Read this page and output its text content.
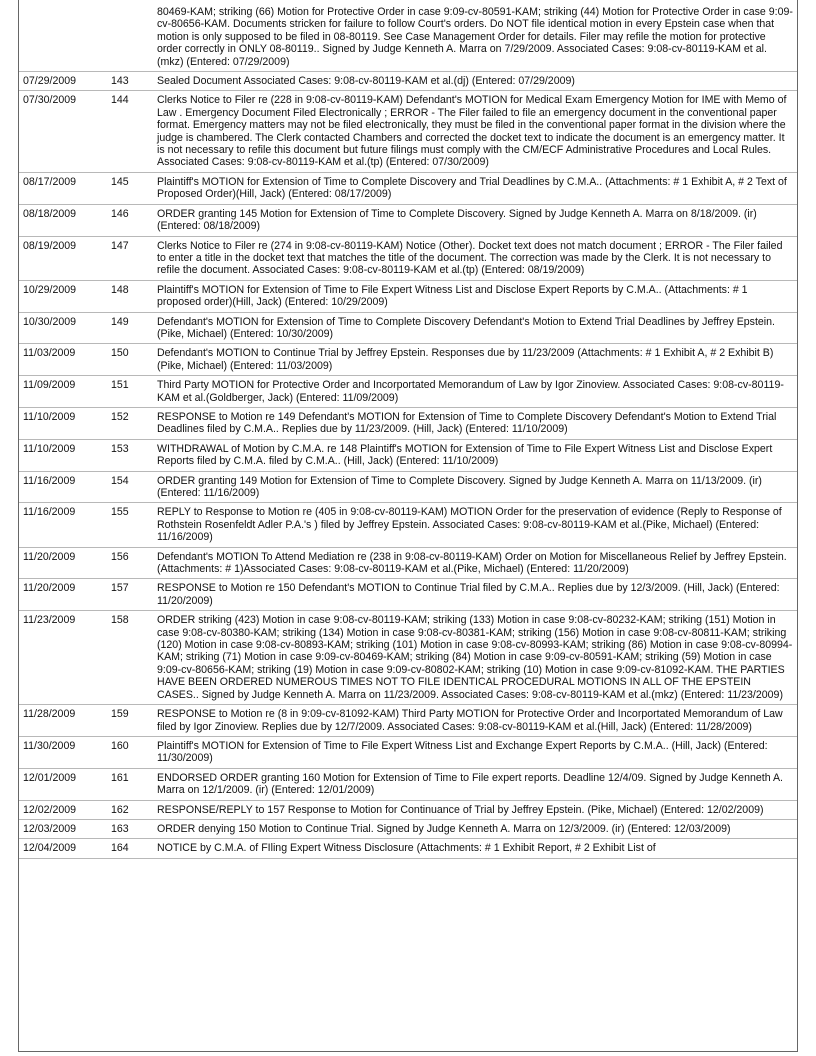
		80469-KAM; striking (66) Motion for Protective Order in case 9:09-cv-80591-KAM; striking (44) Motion for Protective Order in case 9:09-cv-80656-KAM. Documents stricken for failure to follow Court's orders. Do NOT file identical motion in every Epstein case when that motion is only supposed to be filed in 08-80119. See Case Management Order for details. Filer may refile the motion for protective order correctly in ONLY 08-80119.. Signed by Judge Kenneth A. Marra on 7/29/2009. Associated Cases: 9:08-cv-80119-KAM et al.(mkz) (Entered: 07/29/2009)
07/29/2009	143	Sealed Document Associated Cases: 9:08-cv-80119-KAM et al.(dj) (Entered: 07/29/2009)
07/30/2009	144	Clerks Notice to Filer re (228 in 9:08-cv-80119-KAM) Defendant's MOTION for Medical Exam Emergency Motion for IME with Memo of Law . Emergency Document Filed Electronically ; ERROR - The Filer failed to file an emergency document in the conventional paper format. Emergency matters may not be filed electronically, they must be filed in the conventional paper format in the division where the judge is chambered. The Clerk contacted Chambers and corrected the docket text to indicate the document is an emergency matter. It is not necessary to refile this document but future filings must comply with the CM/ECF Administrative Procedures and Local Rules. Associated Cases: 9:08-cv-80119-KAM et al.(tp) (Entered: 07/30/2009)
08/17/2009	145	Plaintiff's MOTION for Extension of Time to Complete Discovery and Trial Deadlines by C.M.A.. (Attachments: # 1 Exhibit A, # 2 Text of Proposed Order)(Hill, Jack) (Entered: 08/17/2009)
08/18/2009	146	ORDER granting 145 Motion for Extension of Time to Complete Discovery. Signed by Judge Kenneth A. Marra on 8/18/2009. (ir) (Entered: 08/18/2009)
08/19/2009	147	Clerks Notice to Filer re (274 in 9:08-cv-80119-KAM) Notice (Other). Docket text does not match document ; ERROR - The Filer failed to enter a title in the docket text that matches the title of the document. The correction was made by the Clerk. It is not necessary to refile the document. Associated Cases: 9:08-cv-80119-KAM et al.(tp) (Entered: 08/19/2009)
10/29/2009	148	Plaintiff's MOTION for Extension of Time to File Expert Witness List and Disclose Expert Reports by C.M.A.. (Attachments: # 1 proposed order)(Hill, Jack) (Entered: 10/29/2009)
10/30/2009	149	Defendant's MOTION for Extension of Time to Complete Discovery Defendant's Motion to Extend Trial Deadlines by Jeffrey Epstein. (Pike, Michael) (Entered: 10/30/2009)
11/03/2009	150	Defendant's MOTION to Continue Trial by Jeffrey Epstein. Responses due by 11/23/2009 (Attachments: # 1 Exhibit A, # 2 Exhibit B)(Pike, Michael) (Entered: 11/03/2009)
11/09/2009	151	Third Party MOTION for Protective Order and Incorportated Memorandum of Law by Igor Zinoview. Associated Cases: 9:08-cv-80119-KAM et al.(Goldberger, Jack) (Entered: 11/09/2009)
11/10/2009	152	RESPONSE to Motion re 149 Defendant's MOTION for Extension of Time to Complete Discovery Defendant's Motion to Extend Trial Deadlines filed by C.M.A.. Replies due by 11/23/2009. (Hill, Jack) (Entered: 11/10/2009)
11/10/2009	153	WITHDRAWAL of Motion by C.M.A. re 148 Plaintiff's MOTION for Extension of Time to File Expert Witness List and Disclose Expert Reports filed by C.M.A. filed by C.M.A.. (Hill, Jack) (Entered: 11/10/2009)
11/16/2009	154	ORDER granting 149 Motion for Extension of Time to Complete Discovery. Signed by Judge Kenneth A. Marra on 11/13/2009. (ir) (Entered: 11/16/2009)
11/16/2009	155	REPLY to Response to Motion re (405 in 9:08-cv-80119-KAM) MOTION Order for the preservation of evidence (Reply to Response of Rothstein Rosenfeldt Adler P.A.'s ) filed by Jeffrey Epstein. Associated Cases: 9:08-cv-80119-KAM et al.(Pike, Michael) (Entered: 11/16/2009)
11/20/2009	156	Defendant's MOTION To Attend Mediation re (238 in 9:08-cv-80119-KAM) Order on Motion for Miscellaneous Relief by Jeffrey Epstein. (Attachments: # 1)Associated Cases: 9:08-cv-80119-KAM et al.(Pike, Michael) (Entered: 11/20/2009)
11/20/2009	157	RESPONSE to Motion re 150 Defendant's MOTION to Continue Trial filed by C.M.A.. Replies due by 12/3/2009. (Hill, Jack) (Entered: 11/20/2009)
11/23/2009	158	ORDER striking (423) Motion in case 9:08-cv-80119-KAM; striking (133) Motion in case 9:08-cv-80232-KAM; striking (151) Motion in case 9:08-cv-80380-KAM; striking (134) Motion in case 9:08-cv-80381-KAM; striking (156) Motion in case 9:08-cv-80811-KAM; striking (120) Motion in case 9:08-cv-80893-KAM; striking (101) Motion in case 9:08-cv-80993-KAM; striking (86) Motion in case 9:08-cv-80994-KAM; striking (71) Motion in case 9:09-cv-80469-KAM; striking (84) Motion in case 9:09-cv-80591-KAM; striking (59) Motion in case 9:09-cv-80656-KAM; striking (19) Motion in case 9:09-cv-80802-KAM; striking (10) Motion in case 9:09-cv-81092-KAM. THE PARTIES HAVE BEEN ORDERED NUMEROUS TIMES NOT TO FILE IDENTICAL PROCEDURAL MOTIONS IN ALL OF THE EPSTEIN CASES.. Signed by Judge Kenneth A. Marra on 11/23/2009. Associated Cases: 9:08-cv-80119-KAM et al.(mkz) (Entered: 11/23/2009)
11/28/2009	159	RESPONSE to Motion re (8 in 9:09-cv-81092-KAM) Third Party MOTION for Protective Order and Incorportated Memorandum of Law filed by Igor Zinoview. Replies due by 12/7/2009. Associated Cases: 9:08-cv-80119-KAM et al.(Hill, Jack) (Entered: 11/28/2009)
11/30/2009	160	Plaintiff's MOTION for Extension of Time to File Expert Witness List and Exchange Expert Reports by C.M.A.. (Hill, Jack) (Entered: 11/30/2009)
12/01/2009	161	ENDORSED ORDER granting 160 Motion for Extension of Time to File expert reports. Deadline 12/4/09. Signed by Judge Kenneth A. Marra on 12/1/2009. (ir) (Entered: 12/01/2009)
12/02/2009	162	RESPONSE/REPLY to 157 Response to Motion for Continuance of Trial by Jeffrey Epstein. (Pike, Michael) (Entered: 12/02/2009)
12/03/2009	163	ORDER denying 150 Motion to Continue Trial. Signed by Judge Kenneth A. Marra on 12/3/2009. (ir) (Entered: 12/03/2009)
12/04/2009	164	NOTICE by C.M.A. of FIling Expert Witness Disclosure (Attachments: # 1 Exhibit Report, # 2 Exhibit List of
